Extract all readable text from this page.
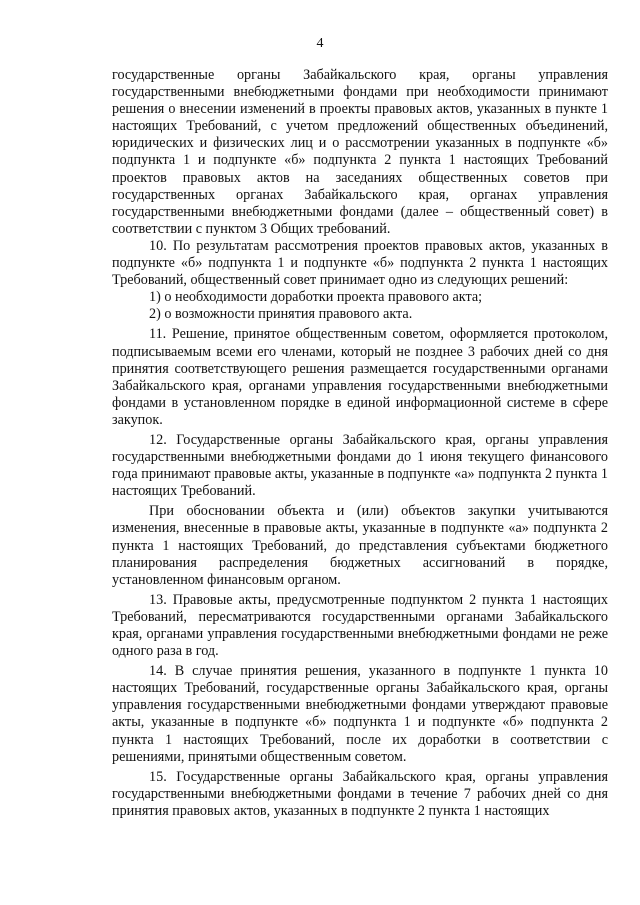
4

государственные органы Забайкальского края, органы управления государственными внебюджетными фондами при необходимости принимают решения о внесении изменений в проекты правовых актов, указанных в пункте 1 настоящих Требований, с учетом предложений общественных объединений, юридических и физических лиц и о рассмотрении указанных в подпункте «б» подпункта 1 и подпункте «б» подпункта 2 пункта 1 настоящих Требований проектов правовых актов на заседаниях общественных советов при государственных органах Забайкальского края, органах управления государственными внебюджетными фондами (далее – общественный совет) в соответствии с пунктом 3 Общих требований.

10. По результатам рассмотрения проектов правовых актов, указанных в подпункте «б» подпункта 1 и подпункте «б» подпункта 2 пункта 1 настоящих Требований, общественный совет принимает одно из следующих решений:

1) о необходимости доработки проекта правового акта;

2) о возможности принятия правового акта.

11. Решение, принятое общественным советом, оформляется протоколом, подписываемым всеми его членами, который не позднее 3 рабочих дней со дня принятия соответствующего решения размещается государственными органами Забайкальского края, органами управления государственными внебюджетными фондами в установленном порядке в единой информационной системе в сфере закупок.

12. Государственные органы Забайкальского края, органы управления государственными внебюджетными фондами до 1 июня текущего финансового года принимают правовые акты, указанные в подпункте «а» подпункта 2 пункта 1 настоящих Требований.

При обосновании объекта и (или) объектов закупки учитываются изменения, внесенные в правовые акты, указанные в подпункте «а» подпункта 2 пункта 1 настоящих Требований, до представления субъектами бюджетного планирования распределения бюджетных ассигнований в порядке, установленном финансовым органом.

13. Правовые акты, предусмотренные подпунктом 2 пункта 1 настоящих Требований, пересматриваются государственными органами Забайкальского края, органами управления государственными внебюджетными фондами не реже одного раза в год.

14. В случае принятия решения, указанного в подпункте 1 пункта 10 настоящих Требований, государственные органы Забайкальского края, органы управления государственными внебюджетными фондами утверждают правовые акты, указанные в подпункте «б» подпункта 1 и подпункте «б» подпункта 2 пункта 1 настоящих Требований, после их доработки в соответствии с решениями, принятыми общественным советом.

15. Государственные органы Забайкальского края, органы управления государственными внебюджетными фондами в течение 7 рабочих дней со дня принятия правовых актов, указанных в подпункте 2 пункта 1 настоящих
